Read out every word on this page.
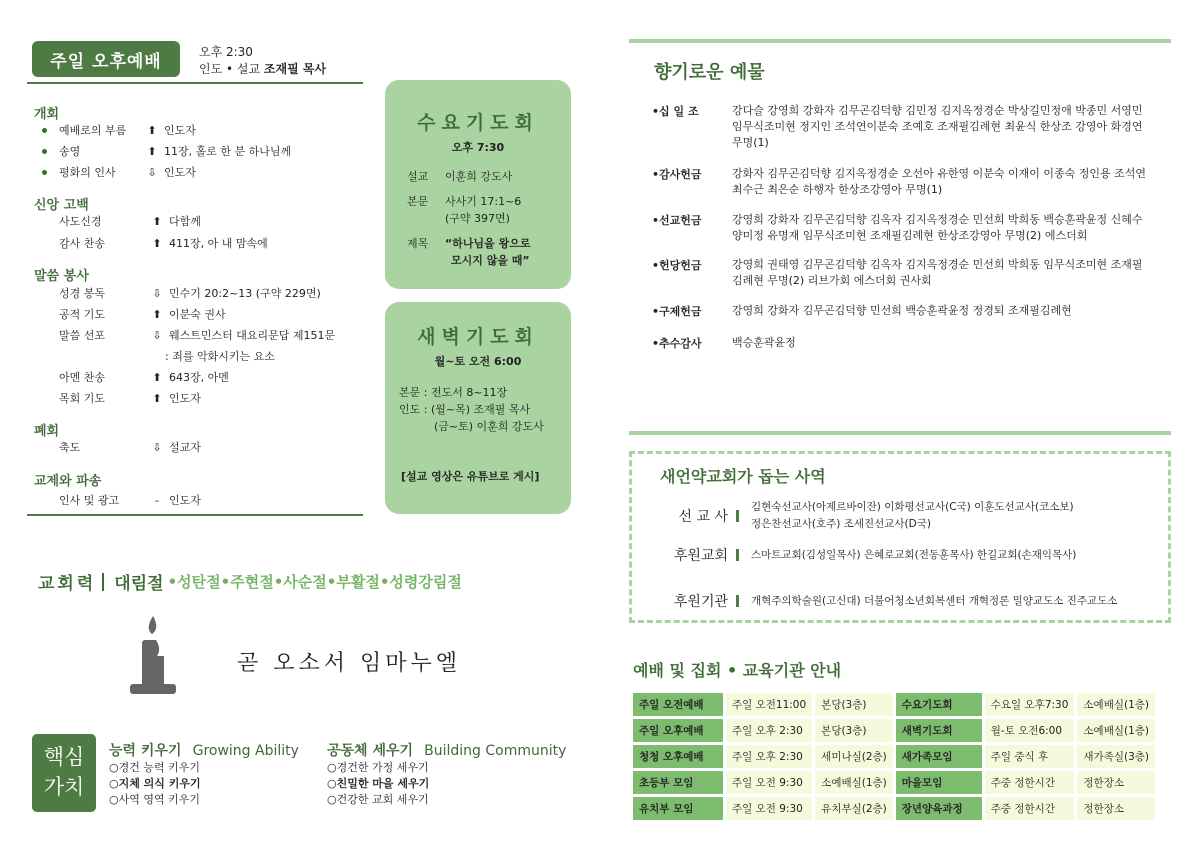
주일 오후예배	오후 2:30
인도 • 설교 조재필 목사
개회
예배로의 부름	⬆ 인도자
송영	⬆ 11장, 홀로 한 분 하나님께
평화의 인사	⇩ 인도자
신앙 고백
사도신경	⬆ 다함께
감사 찬송	⬆ 411장, 아 내 맘속에
말씀 봉사
성경 봉독	⇩ 민수기 20:2~13 (구약 229면)
공적 기도	⬆ 이분숙 권사
말씀 선포	⇩ 웨스트민스터 대요리문답 제151문
: 죄를 악화시키는 요소
아멘 찬송	⬆ 643장, 아멘
목회 기도	⬆ 인도자
폐회
축도	⇩ 설교자
교제와 파송
인사 및 광고	- 인도자
수요기도회
오후 7:30
설교 이훈희 강도사
본문 사사기 17:1~6
(구약 397면)
제목 “하나님을 왕으로
모시지 않을 때”
새벽기도회
월~토 오전 6:00
본문 : 전도서 8~11장
인도 : (월~목) 조재필 목사
(금~토) 이훈희 강도사
[설교 영상은 유튜브로 게시]
교회력 대림절 •성탄절•주현절•사순절•부활절•성령강림절
곧 오소서 임마누엘
핵심
가치
능력 키우기 Growing Ability
○경건 능력 키우기
○지체 의식 키우기
○사역 영역 키우기
공동체 세우기 Building Community
○경건한 가정 세우기
○친밀한 마을 세우기
○건강한 교회 세우기
향기로운 예물
•십 일 조	강다슬 강영희 강화자 김무곤김덕향 김민정 김지옥정경순 박상길민정애 박종민 서영민 임무식조미현 정지인 조석연이분숙 조예호 조재필김례현 최윤식 한상조 강영아 화경연 무명(1)
•감사헌금	강화자 김무곤김덕향 김지옥정경순 오선아 유한영 이분숙 이재이 이종숙 정인용 조석연 최수근 최은순 하행자 한상조강영아 무명(1)
•선교헌금	강영희 강화자 김무곤김덕향 김옥자 김지옥정경순 민선희 박희동 백승훈곽윤정 신혜수 양미정 유명재 임무식조미현 조재필김례현 한상조강영아 무명(2) 에스더회
•헌당헌금	강영희 권태영 김무곤김덕향 김옥자 김지옥정경순 민선희 박희동 임무식조미현 조재필김례현 무명(2) 리브가회 에스더회 권사회
•구제헌금	강영희 강화자 김무곤김덕향 민선희 백승훈곽윤정 정경퇴 조재필김례현
•추수감사	백승훈곽윤정
새언약교회가 돕는 사역
선 교 사
김현숙선교사(아제르바이잔) 이화평선교사(C국) 이훈도선교사(코소보)
정은찬선교사(호주) 조세진선교사(D국)
후원교회	스마트교회(김성일목사) 은혜로교회(전동훈목사) 한길교회(손재익목사)
후원기관	개혁주의학술원(고신대) 더불어청소년회복센터 개혁정론 밀양교도소 진주교도소
예배 및 집회 • 교육기관 안내
주일 오전예배	주일 오전11:00	본당(3층)	수요기도회	수요일 오후7:30	소예배실(1층)
주일 오후예배	주일 오후 2:30	본당(3층)	새벽기도회	월-토 오전6:00	소예배실(1층)
청청 오후예배	주일 오후 2:30	세미나실(2층)	새가족모임	주일 중식 후	새가족실(3층)
초등부 모임	주일 오전 9:30	소예배실(1층)	마을모임	주중 정한시간	정한장소
유치부 모임	주일 오전 9:30	유치부실(2층)	장년양육과정	주중 정한시간	정한장소
